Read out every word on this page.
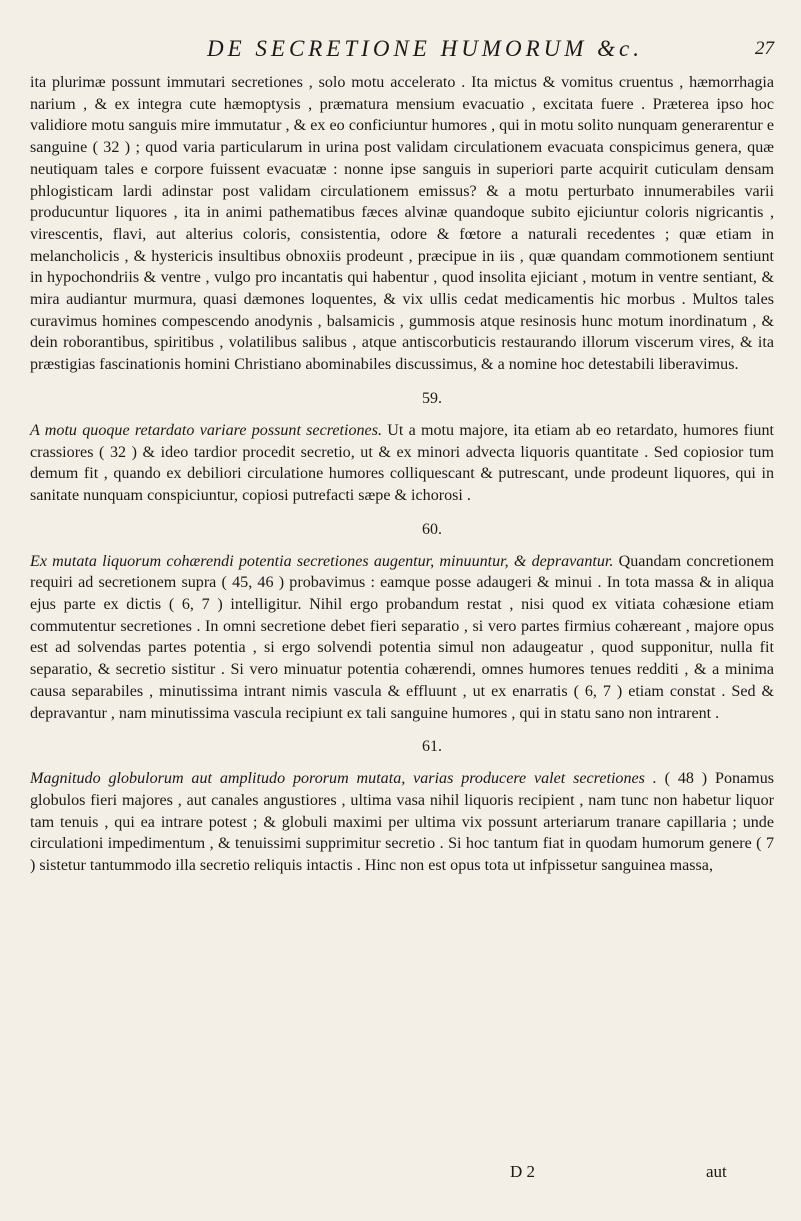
DE SECRETIONE HUMORUM &c.	27

ita plurimæ possunt immutari secretiones , solo motu accelerato . Ita mictus & vomitus cruentus , hæmorrhagia narium , & ex integra cute hæmoptysis , præmatura mensium evacuatio , excitata fuere . Præterea ipso hoc validiore motu sanguis mire immutatur , & ex eo conficiuntur humores , qui in motu solito nunquam generarentur e sanguine ( 32 ) ; quod varia particularum in urina post validam circulationem evacuata conspicimus genera, quæ neutiquam tales e corpore fuissent evacuatæ : nonne ipse sanguis in superiori parte acquirit cuticulam densam phlogisticam lardi adinstar post validam circulationem emissus? & a motu perturbato innumerabiles varii producuntur liquores , ita in animi pathematibus fæces alvinæ quandoque subito ejiciuntur coloris nigricantis , virescentis, flavi, aut alterius coloris, consistentia, odore & fœtore a naturali recedentes ; quæ etiam in melancholicis , & hystericis insultibus obnoxiis prodeunt , præcipue in iis , quæ quandam commotionem sentiunt in hypochondriis & ventre , vulgo pro incantatis qui habentur , quod insolita ejiciant , motum in ventre sentiant, & mira audiantur murmura, quasi dæmones loquentes, & vix ullis cedat medicamentis hic morbus . Multos tales curavimus homines compescendo anodynis , balsamicis , gummosis atque resinosis hunc motum inordinatum , & dein roborantibus, spiritibus , volatilibus salibus , atque antiscorbuticis restaurando illorum viscerum vires, & ita præstigias fascinationis homini Christiano abominabiles discussimus, & a nomine hoc detestabili liberavimus.

59.

A motu quoque retardato variare possunt secretiones. Ut a motu majore, ita etiam ab eo retardato, humores fiunt crassiores ( 32 ) & ideo tardior procedit secretio, ut & ex minori advecta liquoris quantitate . Sed copiosior tum demum fit , quando ex debiliori circulatione humores colliquescant & putrescant, unde prodeunt liquores, qui in sanitate nunquam conspiciuntur, copiosi putrefacti sæpe & ichorosi .

60.

Ex mutata liquorum cohærendi potentia secretiones augentur, minuuntur, & depravantur. Quandam concretionem requiri ad secretionem supra ( 45, 46 ) probavimus : eamque posse adaugeri & minui . In tota massa & in aliqua ejus parte ex dictis ( 6, 7 ) intelligitur. Nihil ergo probandum restat , nisi quod ex vitiata cohæsione etiam commutentur secretiones . In omni secretione debet fieri separatio , si vero partes firmius cohæreant , majore opus est ad solvendas partes potentia , si ergo solvendi potentia simul non adaugeatur , quod supponitur, nulla fit separatio, & secretio sistitur . Si vero minuatur potentia cohærendi, omnes humores tenues redditi , & a minima causa separabiles , minutissima intrant nimis vascula & effluunt , ut ex enarratis ( 6, 7 ) etiam constat . Sed & depravantur , nam minutissima vascula recipiunt ex tali sanguine humores , qui in statu sano non intrarent .

61.

Magnitudo globulorum aut amplitudo pororum mutata, varias producere valet secretiones . ( 48 ) Ponamus globulos fieri majores , aut canales angustiores , ultima vasa nihil liquoris recipient , nam tunc non habetur liquor tam tenuis , qui ea intrare potest ; & globuli maximi per ultima vix possunt arteriarum tranare capillaria ; unde circulationi impedimentum , & tenuissimi supprimitur secretio . Si hoc tantum fiat in quodam humorum genere ( 7 ) sistetur tantummodo illa secretio reliquis intactis . Hinc non est opus tota ut infpissetur sanguinea massa,

D 2	aut
